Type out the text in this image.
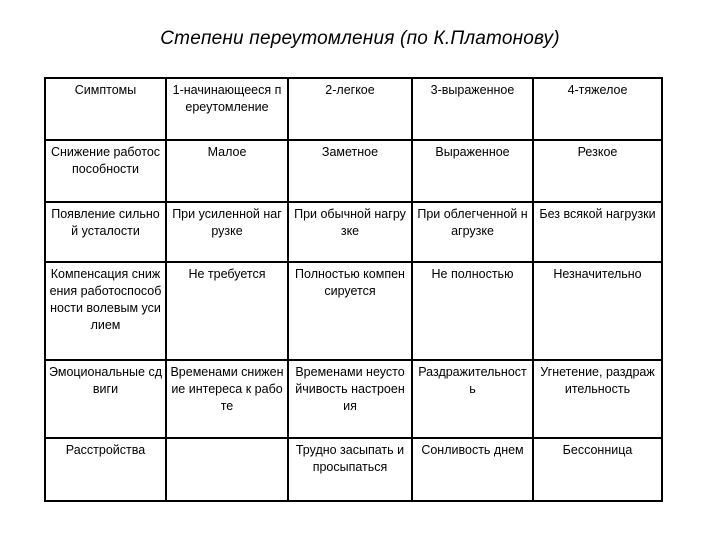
Степени переутомления (по К.Платонову)
Симптомы	1-начинающееся переутомление	2-легкое	3-выраженное	4-тяжелое
Снижение работоспособности	Малое	Заметное	Выраженное	Резкое
Появление сильной усталости	При усиленной нагрузке	При обычной нагрузке	При облегченной нагрузке	Без всякой нагрузки
Компенсация снижения работоспособности волевым усилием	Не требуется	Полностью компенсируется	Не полностью	Незначительно
Эмоциональные сдвиги	Временами снижение интереса к работе	Временами неустойчивость настроения	Раздражительность	Угнетение, раздражительность
Расстройства		Трудно засыпать и просыпаться	Сонливость днем	Бессонница
